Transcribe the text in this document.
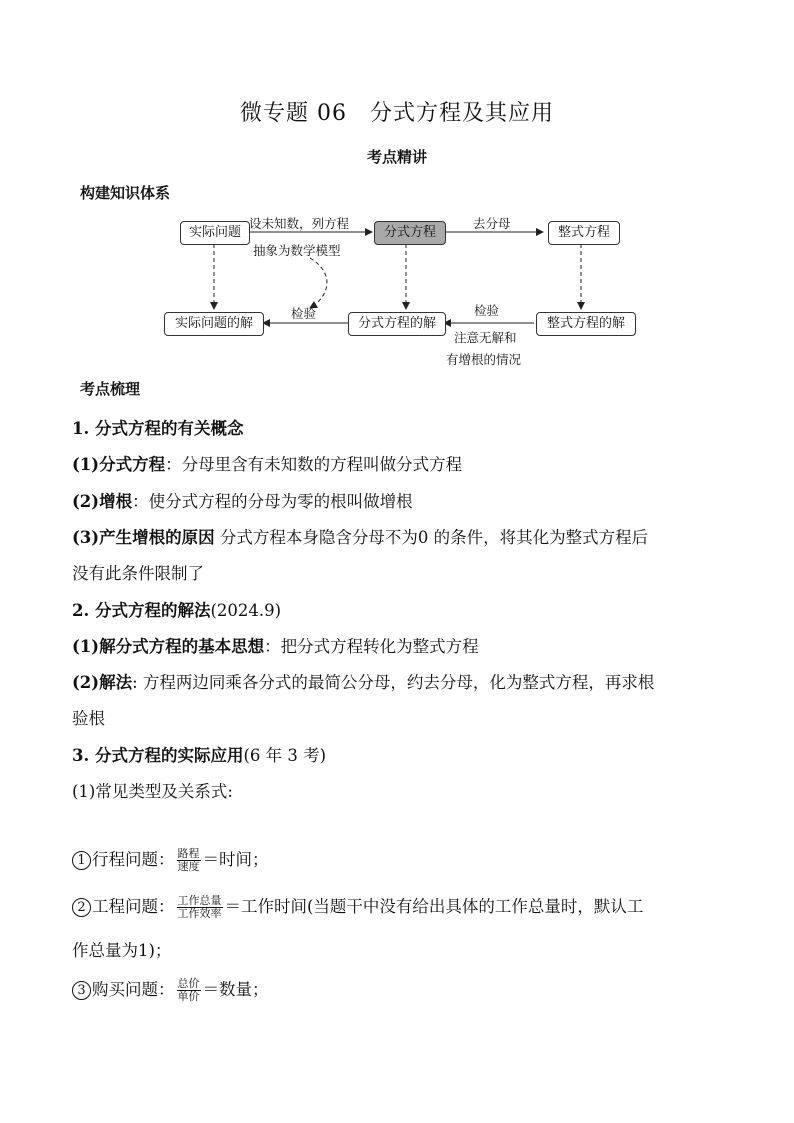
微专题 06　分式方程及其应用
考点精讲
构建知识体系
实际问题	分式方程	整式方程
实际问题的解	分式方程的解	整式方程的解
设未知数，列方程
抽象为数学模型
去分母
检验	检验
注意无解和
有增根的情况
考点梳理
1. 分式方程的有关概念
(1)分式方程：分母里含有未知数的方程叫做分式方程
(2)增根：使分式方程的分母为零的根叫做增根
(3)产生增根的原因 分式方程本身隐含分母不为0 的条件，将其化为整式方程后
没有此条件限制了
2. 分式方程的解法(2024.9)
(1)解分式方程的基本思想：把分式方程转化为整式方程
(2)解法: 方程两边同乘各分式的最简公分母，约去分母，化为整式方程，再求根
验根
3. 分式方程的实际应用(6 年 3 考)
(1)常见类型及关系式:
1 行程问题： $\frac{\text{路程}}{\text{速度}}$ ＝时间；
2 工程问题： $\frac{\text{工作总量}}{\text{工作效率}}$ ＝工作时间(当题干中没有给出具体的工作总量时，默认工
作总量为1)；
3 购买问题： $\frac{\text{总价}}{\text{单价}}$ ＝数量；
